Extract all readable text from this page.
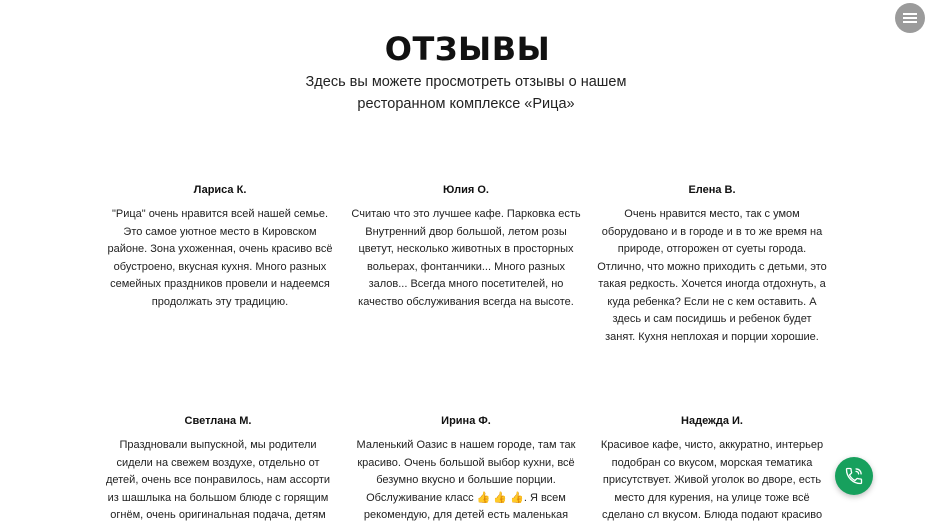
ОТЗЫВЫ
Здесь вы можете просмотреть отзывы о нашем ресторанном комплексе «Рица»
Лариса К.
"Рица" очень нравится всей нашей семье. Это самое уютное место в Кировском районе. Зона ухоженная, очень красиво всё обустроено, вкусная кухня. Много разных семейных праздников провели и надеемся продолжать эту традицию.
Юлия О.
Считаю что это лучшее кафе. Парковка есть Внутренний двор большой, летом розы цветут, несколько животных в просторных вольерах, фонтанчики... Много разных залов... Всегда много посетителей, но качество обслуживания всегда на высоте.
Елена В.
Очень нравится место, так с умом оборудовано и в городе и в то же время на природе, отгорожен от суеты города. Отлично, что можно приходить с детьми, это такая редкость. Хочется иногда отдохнуть, а куда ребенка? Если не с кем оставить. А здесь и сам посидишь и ребенок будет занят. Кухня неплохая и порции хорошие.
Светлана М.
Праздновали выпускной, мы родители сидели на свежем воздухе, отдельно от детей, очень все понравилось, нам ассорти из шашлыка на большом блюде с горящим огнём, очень оригинальная подача, детям
Ирина Ф.
Маленький Оазис в нашем городе, там так красиво. Очень большой выбор кухни, всё безумно вкусно и большие порции. Обслуживание класс 👍 👍 👍. Я всем рекомендую, для детей есть маленькая
Надежда И.
Красивое кафе, чисто, аккуратно, интерьер подобран со вкусом, морская тематика присутствует. Живой уголок во дворе, есть место для курения, на улице тоже всё сделано сл вкусом. Блюда подают красиво
